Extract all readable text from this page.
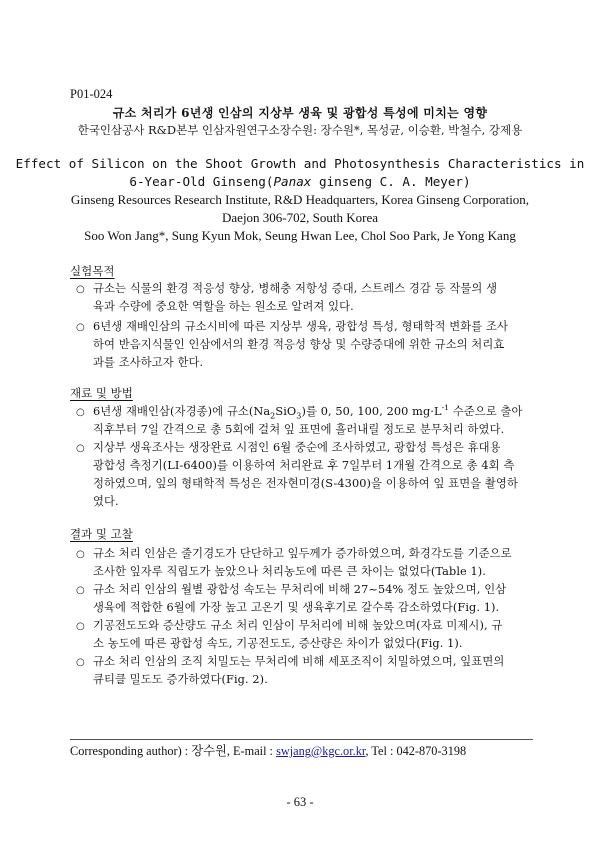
P01-024
규소 처리가 6년생 인삼의 지상부 생육 및 광합성 특성에 미치는 영향
한국인삼공사 R&D본부 인삼자원연구소장수원: 장수원*, 목성균, 이승환, 박철수, 강제용
Effect of Silicon on the Shoot Growth and Photosynthesis Characteristics in
6-Year-Old Ginseng(Panax ginseng C. A. Meyer)
Ginseng Resources Research Institute, R&D Headquarters, Korea Ginseng Corporation,
Daejon 306-702, South Korea
Soo Won Jang*, Sung Kyun Mok, Seung Hwan Lee, Chol Soo Park, Je Yong Kang
실험목적
○ 규소는 식물의 환경 적응성 향상, 병해충 저항성 증대, 스트레스 경감 등 작물의 생
육과 수량에 중요한 역할을 하는 원소로 알려져 있다.
○ 6년생 재배인삼의 규소시비에 따른 지상부 생육, 광합성 특성, 형태학적 변화를 조사
하여 반음지식물인 인삼에서의 환경 적응성 향상 및 수량증대에 위한 규소의 처리효
과를 조사하고자 한다.
재료 및 방법
○ 6년생 재배인삼(자경종)에 규소$(Na_2SiO_3)$를 0, 50, 100, 200 $mg\cdot L^{-1}$ 수준으로 출아
직후부터 7일 간격으로 총 5회에 걸쳐 잎 표면에 흘러내릴 정도로 분무처리 하였다.
○ 지상부 생육조사는 생장완료 시점인 6월 중순에 조사하였고, 광합성 특성은 휴대용
광합성 측정기(LI-6400)를 이용하여 처리완료 후 7일부터 1개월 간격으로 총 4회 측
정하였으며, 잎의 형태학적 특성은 전자현미경(S-4300)을 이용하여 잎 표면을 촬영하
였다.
결과 및 고찰
○ 규소 처리 인삼은 줄기경도가 단단하고 잎두께가 증가하였으며, 화경각도를 기준으로
조사한 잎자루 직립도가 높았으나 처리농도에 따른 큰 차이는 없었다(Table 1).
○ 규소 처리 인삼의 월별 광합성 속도는 무처리에 비해 27~54% 정도 높았으며, 인삼
생육에 적합한 6월에 가장 높고 고온기 및 생육후기로 갈수록 감소하였다(Fig. 1).
○ 기공전도도와 증산량도 규소 처리 인삼이 무처리에 비해 높았으며(자료 미제시), 규
소 농도에 따른 광합성 속도, 기공전도도, 증산량은 차이가 없었다(Fig. 1).
○ 규소 처리 인삼의 조직 치밀도는 무처리에 비해 세포조직이 치밀하였으며, 잎표면의
큐티클 밀도도 증가하였다(Fig. 2).
Corresponding author) : 장수원, E-mail : swjang@kgc.or.kr, Tel : 042-870-3198
- 63 -
